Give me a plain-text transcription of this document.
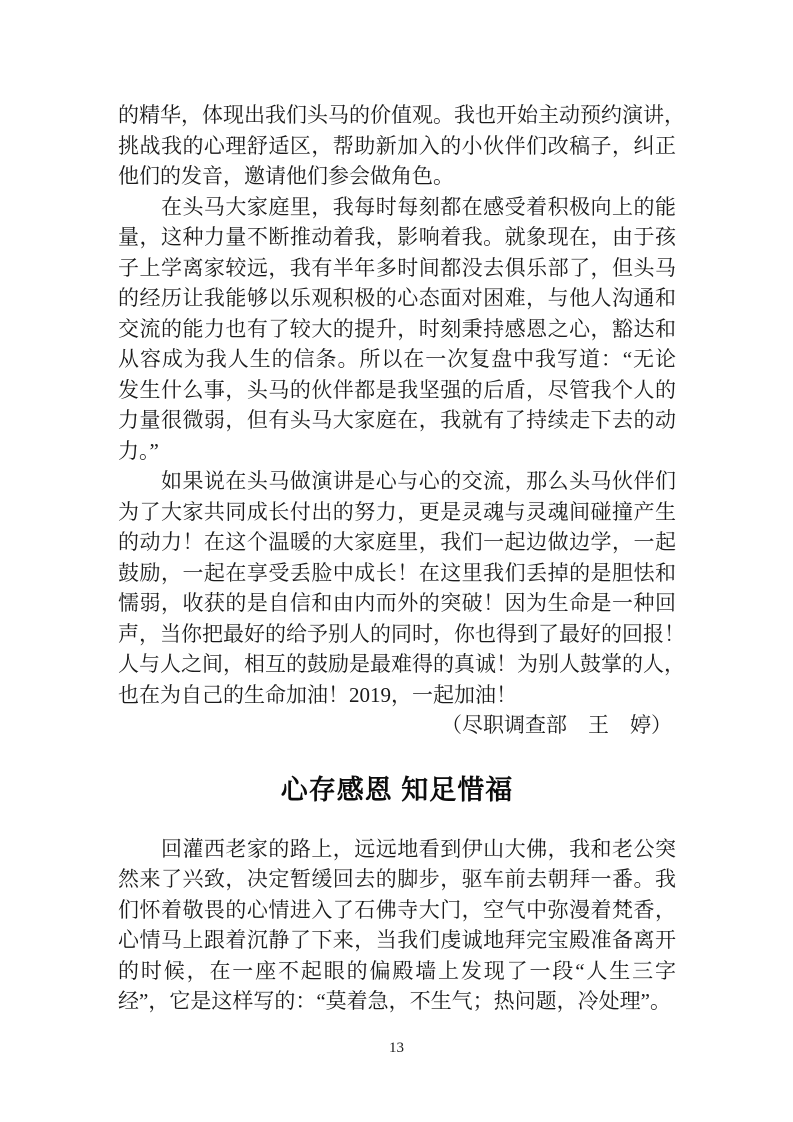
的精华，体现出我们头马的价值观。我也开始主动预约演讲，
挑战我的心理舒适区，帮助新加入的小伙伴们改稿子，纠正
他们的发音，邀请他们参会做角色。
　　在头马大家庭里，我每时每刻都在感受着积极向上的能
量，这种力量不断推动着我，影响着我。就象现在，由于孩
子上学离家较远，我有半年多时间都没去俱乐部了，但头马
的经历让我能够以乐观积极的心态面对困难，与他人沟通和
交流的能力也有了较大的提升，时刻秉持感恩之心，豁达和
从容成为我人生的信条。所以在一次复盘中我写道：“无论
发生什么事，头马的伙伴都是我坚强的后盾，尽管我个人的
力量很微弱，但有头马大家庭在，我就有了持续走下去的动
力。”
　　如果说在头马做演讲是心与心的交流，那么头马伙伴们
为了大家共同成长付出的努力，更是灵魂与灵魂间碰撞产生
的动力！在这个温暖的大家庭里，我们一起边做边学，一起
鼓励，一起在享受丢脸中成长！在这里我们丢掉的是胆怯和
懦弱，收获的是自信和由内而外的突破！因为生命是一种回
声，当你把最好的给予别人的同时，你也得到了最好的回报！
人与人之间，相互的鼓励是最难得的真诚！为别人鼓掌的人，
也在为自己的生命加油！2019，一起加油！
（尽职调查部　王　婷）
心存感恩 知足惜福
　　回灌西老家的路上，远远地看到伊山大佛，我和老公突
然来了兴致，决定暂缓回去的脚步，驱车前去朝拜一番。我
们怀着敬畏的心情进入了石佛寺大门，空气中弥漫着梵香，
心情马上跟着沉静了下来，当我们虔诚地拜完宝殿准备离开
的时候，在一座不起眼的偏殿墙上发现了一段“人生三字
经”，它是这样写的：“莫着急，不生气；热问题，冷处理”。
13
